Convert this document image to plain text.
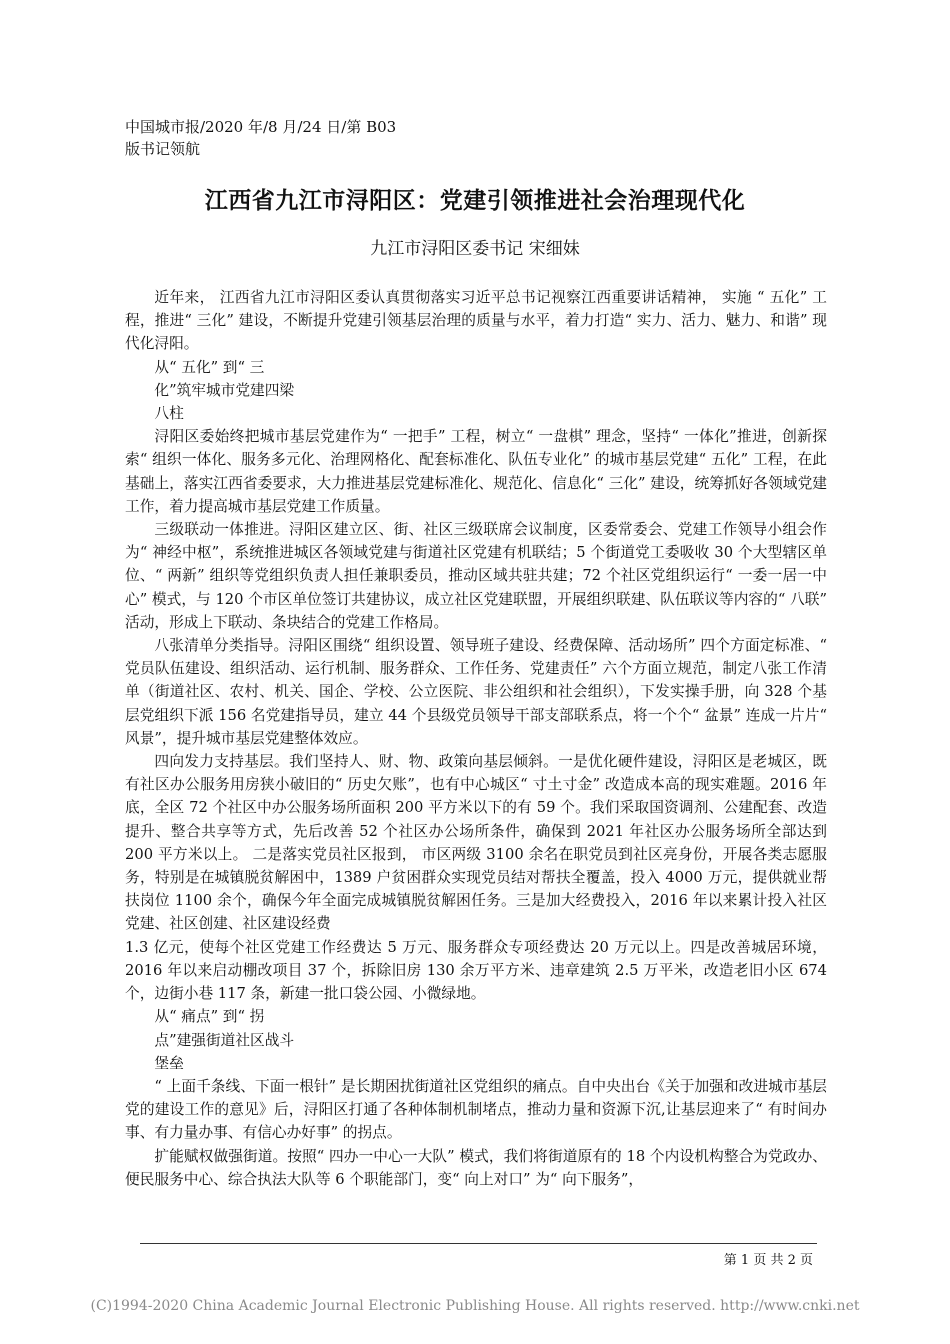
中国城市报/2020 年/8 月/24 日/第 B03
版书记领航
江西省九江市浔阳区：党建引领推进社会治理现代化
九江市浔阳区委书记 宋细妹

近年来， 江西省九江市浔阳区委认真贯彻落实习近平总书记视察江西重要讲话精神， 实施 “ 五化” 工程，推进“ 三化” 建设，不断提升党建引领基层治理的质量与水平，着力打造“ 实力、活力、魅力、和谐” 现代化浔阳。

从“ 五化” 到“ 三

化”筑牢城市党建四梁

八柱

浔阳区委始终把城市基层党建作为“ 一把手” 工程，树立“ 一盘棋” 理念，坚持“ 一体化”推进，创新探索“ 组织一体化、服务多元化、治理网格化、配套标准化、队伍专业化” 的城市基层党建“ 五化” 工程，在此基础上，落实江西省委要求，大力推进基层党建标准化、规范化、信息化“ 三化” 建设，统筹抓好各领域党建工作，着力提高城市基层党建工作质量。

三级联动一体推进。浔阳区建立区、街、社区三级联席会议制度，区委常委会、党建工作领导小组会作为“ 神经中枢”，系统推进城区各领域党建与街道社区党建有机联结；5 个街道党工委吸收 30 个大型辖区单位、“ 两新” 组织等党组织负责人担任兼职委员，推动区域共驻共建；72 个社区党组织运行“ 一委一居一中心” 模式，与 120 个市区单位签订共建协议，成立社区党建联盟，开展组织联建、队伍联议等内容的“ 八联” 活动，形成上下联动、条块结合的党建工作格局。

八张清单分类指导。浔阳区围绕“ 组织设置、领导班子建设、经费保障、活动场所” 四个方面定标准、“ 党员队伍建设、组织活动、运行机制、服务群众、工作任务、党建责任” 六个方面立规范，制定八张工作清单（街道社区、农村、机关、国企、学校、公立医院、非公组织和社会组织），下发实操手册，向 328 个基层党组织下派 156 名党建指导员，建立 44 个县级党员领导干部支部联系点，将一个个“ 盆景” 连成一片片“ 风景”，提升城市基层党建整体效应。

四向发力支持基层。我们坚持人、财、物、政策向基层倾斜。一是优化硬件建设，浔阳区是老城区，既有社区办公服务用房狭小破旧的“ 历史欠账”，也有中心城区“ 寸土寸金” 改造成本高的现实难题。2016 年底，全区 72 个社区中办公服务场所面积 200 平方米以下的有 59 个。我们采取国资调剂、公建配套、改造提升、整合共享等方式，先后改善 52 个社区办公场所条件，确保到 2021 年社区办公服务场所全部达到 200 平方米以上。 二是落实党员社区报到， 市区两级 3100 余名在职党员到社区亮身份，开展各类志愿服务，特别是在城镇脱贫解困中，1389 户贫困群众实现党员结对帮扶全覆盖，投入 4000 万元，提供就业帮扶岗位 1100 余个，确保今年全面完成城镇脱贫解困任务。三是加大经费投入，2016 年以来累计投入社区党建、社区创建、社区建设经费

1.3 亿元，使每个社区党建工作经费达 5 万元、服务群众专项经费达 20 万元以上。四是改善城居环境，2016 年以来启动棚改项目 37 个，拆除旧房 130 余万平方米、违章建筑 2.5 万平米，改造老旧小区 674 个，边街小巷 117 条，新建一批口袋公园、小微绿地。

从“ 痛点” 到“ 拐

点”建强街道社区战斗

堡垒

“ 上面千条线、下面一根针” 是长期困扰街道社区党组织的痛点。自中央出台《关于加强和改进城市基层党的建设工作的意见》后，浔阳区打通了各种体制机制堵点，推动力量和资源下沉,让基层迎来了“ 有时间办事、有力量办事、有信心办好事” 的拐点。

扩能赋权做强街道。按照“ 四办一中心一大队” 模式，我们将街道原有的 18 个内设机构整合为党政办、便民服务中心、综合执法大队等 6 个职能部门，变“ 向上对口” 为“ 向下服务”，

第 1 页 共 2 页
(C)1994-2020 China Academic Journal Electronic Publishing House. All rights reserved. http://www.cnki.net
